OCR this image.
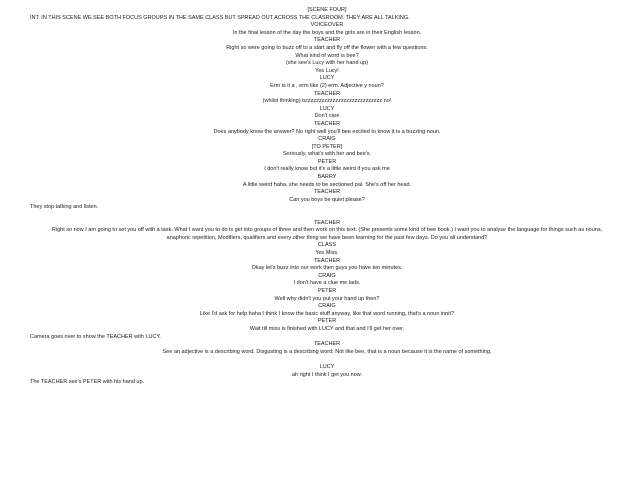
[SCENE FOUR]
INT. IN THIS SCENE WE SEE BOTH FOCUS GROUPS IN THE SAME CLASS BUT SPREAD OUT ACROSS THE CLASROOM. THEY ARE ALL TALKING.
VOICEOVER
In the final lesson of the day the boys and the girls are in their English lesson.
TEACHER
Right so were going to buzz off to a start and fly off the flower with a few questions.
What kind of word is bee?
(she see's Lucy with her hand up)
Yes Lucy!
LUCY
Erm is it a , erm like (2) erm. Adjective y noun?
TEACHER
(whilst thinking) bzzzzzzzzzzzzzzzzzzzzzzzzzzzz no!
LUCY
Don't care
TEACHER
Does anybody know the answer? No right well you'll bee excited to know it is a buzzing noun.
CRAIG
[TO PETER]
Seriously, what's with her and bee's.
PETER
I don't really know but it's a little weird if you ask me
BARRY
A little weird haha, she needs to be sectioned pal. She's off her head.
TEACHER
Can you boys be quiet please?
They stop talking and listen.
TEACHER
Right so now I am going to set you off with a task. What I want you to do is get into groups of three and then work on this text. (She presents some kind of bee book.) I want you to analyse the language for things such as nouns, anaphoric repetition, Modifiers, qualifiers and every other thing we have been learning for the past few days. Do you all understand?
CLASS
Yes Miss.
TEACHER
Okay let's buzz into our work then guys you have ten minutes.
CRAIG
I don't have a clue me lads.
PETER
Well why didn't you put your hand up then?
CRAIG
Like I'd ask for help haha I think I know the basic stuff anyway, like that word running, that's a noun innit?
PETER
Wait till miss is finished with LUCY and that and I'll get her over.
Camera goes over to show the TEACHER with LUCY.
TEACHER
See an adjective is a describing word. Disgusting is a describing word. Not like bee, that is a noun because it is the name of something.
LUCY
ah right I think I get you now.
The TEACHER see's PETER with his hand up.
